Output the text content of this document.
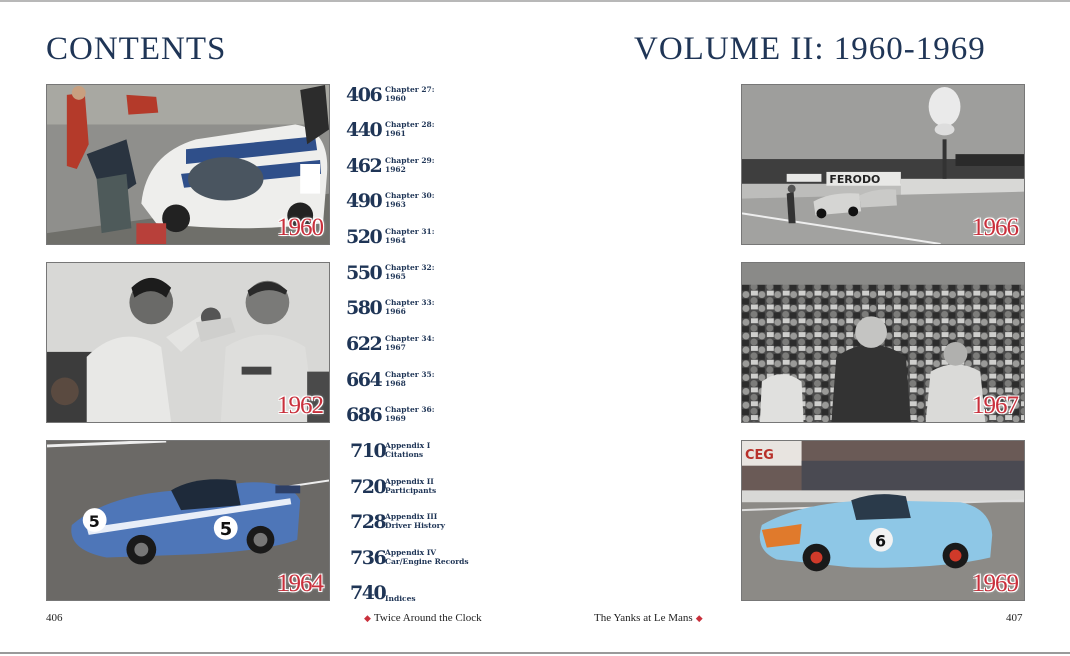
CONTENTS	VOLUME II: 1960-1969
1960
1962
5
5
1964
FERODO
1966
1967
CEG
6
1969
406 Chapter 27:
1960
440 Chapter 28:
1961
462 Chapter 29:
1962
490 Chapter 30:
1963
520 Chapter 31:
1964
550 Chapter 32:
1965
580 Chapter 33:
1966
622 Chapter 34:
1967
664 Chapter 35:
1968
686 Chapter 36:
1969
710 Appendix I
Citations
720 Appendix II
Participants
728 Appendix III
Driver History
736 Appendix IV
Car/Engine Records
740 Indices
406	◆ Twice Around the Clock	The Yanks at Le Mans ◆	407
